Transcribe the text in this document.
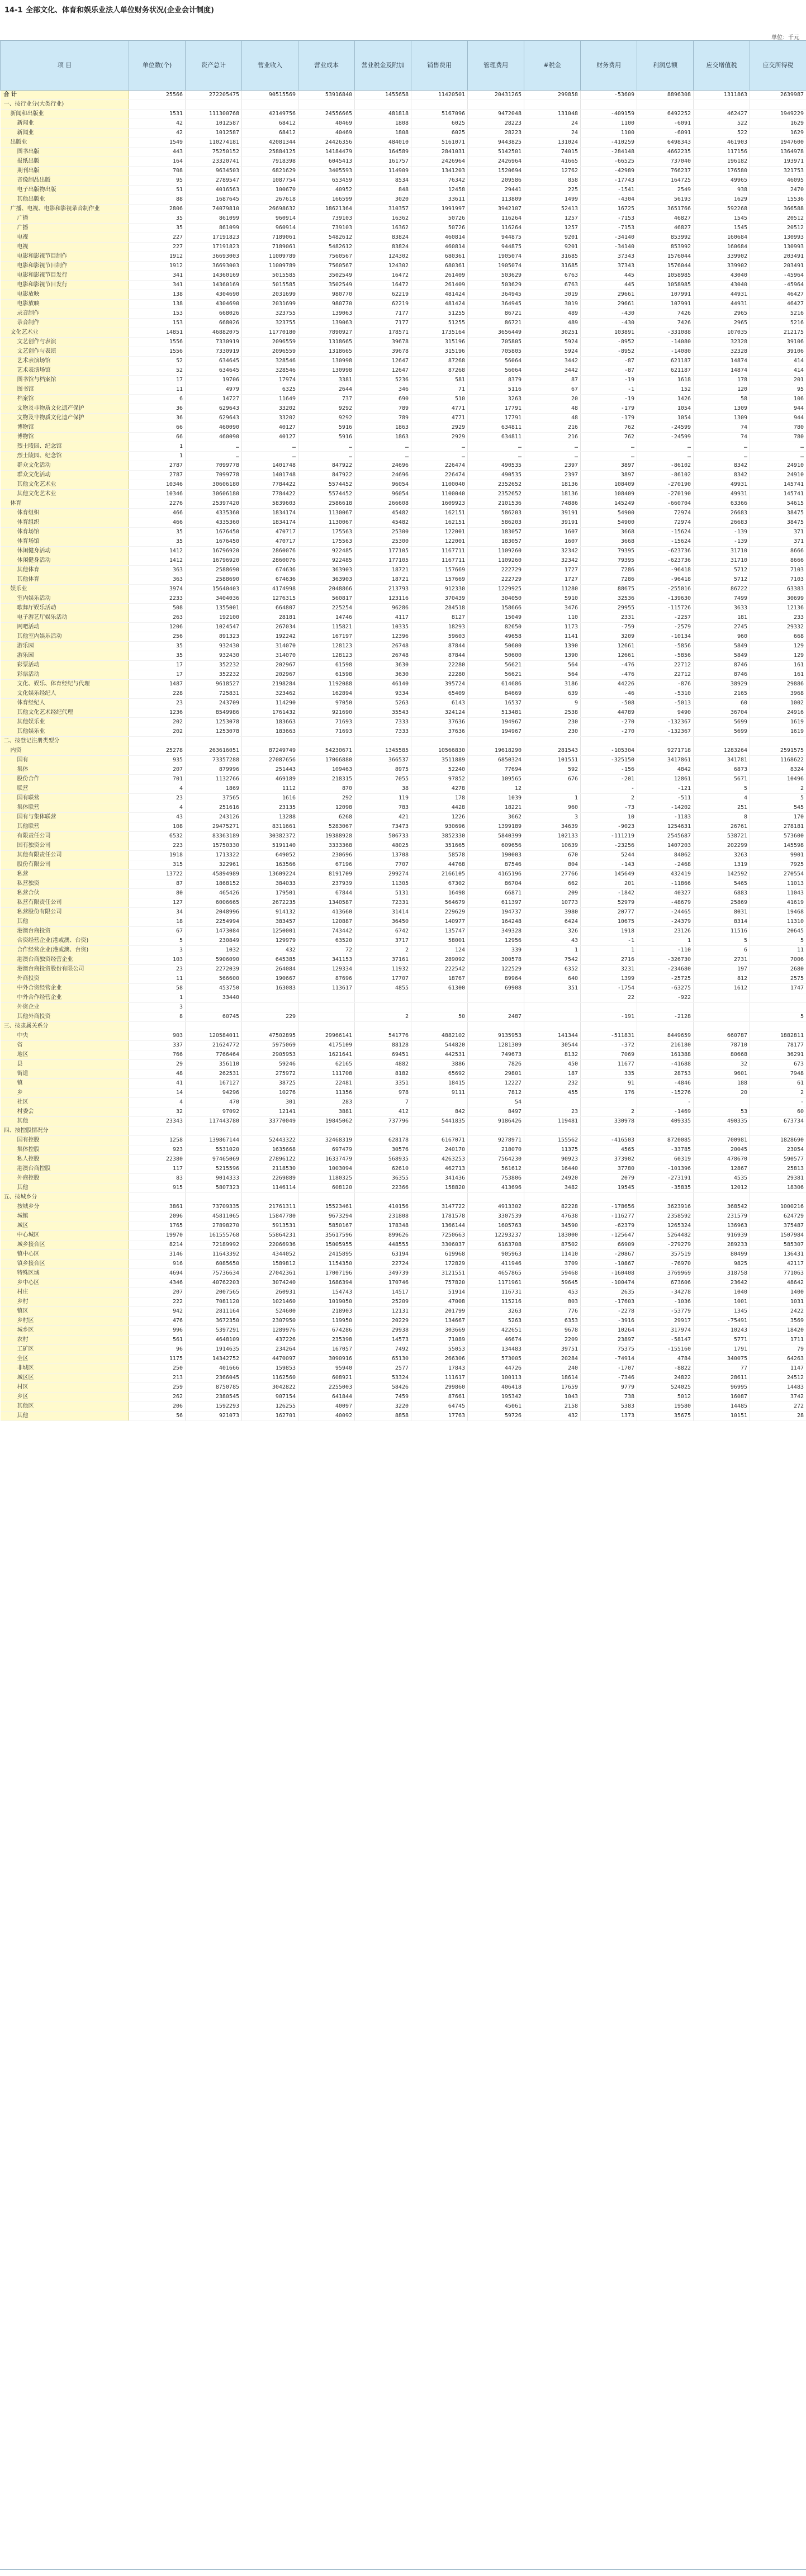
14-1 全部文化、体育和娱乐业法人单位财务状况(企业会计制度)
单位：千元
项 目	单位数(个)	资产总计	营业收入	营业成本	营业税金及附加	销售费用	管理费用	#税金	财务费用	利润总额	应交增值税	应交所得税
合 计	25566	272205475	90515569	53916840	1455658	11420501	20431265	299858	-53609	8896308	1311863	2639987
一、按行业分(大类行业)												
新闻和出版业	1531	111300768	42149756	24556665	481818	5167096	9472048	131048	-409159	6492252	462427	1949229
新闻业	42	1012587	68412	40469	1808	6025	28223	24	1100	-6091	522	1629
新闻业	42	1012587	68412	40469	1808	6025	28223	24	1100	-6091	522	1629
出版业	1549	110274181	42081344	24426356	484010	5161071	9443825	131024	-410259	6498343	461903	1947600
图书出版	443	75250152	25884125	14184479	164589	2841031	5142501	74015	-284148	4662235	117156	1364978
报纸出版	164	23320741	7918398	6045413	161757	2426964	2426964	41665	-66525	737040	196182	193971
期刊出版	708	9634503	6821629	3405593	114909	1341203	1520694	12762	-42989	766237	176580	321753
音像制品出版	95	2789547	1087754	653459	8534	76342	209586	858	-17743	164725	49965	46095
电子出版物出版	51	4016563	100670	40952	848	12458	29441	225	-1541	2549	938	2470
其他出版业	88	1687645	267618	166599	3020	33611	113809	1499	-4304	56193	1629	15536
广播、电视、电影和影视录音制作业	2806	74079810	26698632	18621364	310357	1991997	3942107	52413	16725	3651766	592268	366588
广播	35	861099	960914	739103	16362	50726	116264	1257	-7153	46827	1545	20512
广播	35	861099	960914	739103	16362	50726	116264	1257	-7153	46827	1545	20512
电视	227	17191823	7189061	5482612	83824	460814	944875	9201	-34140	853992	160684	130993
电视	227	17191823	7189061	5482612	83824	460814	944875	9201	-34140	853992	160684	130993
电影和影视节目制作	1912	36693003	11009789	7560567	124302	680361	1905074	31685	37343	1576044	339902	203491
电影和影视节目制作	1912	36693003	11009789	7560567	124302	680361	1905074	31685	37343	1576044	339902	203491
电影和影视节目发行	341	14360169	5015585	3502549	16472	261409	503629	6763	445	1058985	43040	-45964
电影和影视节目发行	341	14360169	5015585	3502549	16472	261409	503629	6763	445	1058985	43040	-45964
电影放映	138	4304690	2031699	980770	62219	481424	364945	3019	29661	107991	44931	46427
电影放映	138	4304690	2031699	980770	62219	481424	364945	3019	29661	107991	44931	46427
录音制作	153	668026	323755	139063	7177	51255	86721	489	-430	7426	2965	5216
录音制作	153	668026	323755	139063	7177	51255	86721	489	-430	7426	2965	5216
文化艺术业	14851	46882075	11770180	7890927	178571	1735164	3656449	30251	103891	-331088	107035	212175
文艺创作与表演	1556	7330919	2096559	1318665	39678	315196	705805	5924	-8952	-14080	32328	39106
文艺创作与表演	1556	7330919	2096559	1318665	39678	315196	705805	5924	-8952	-14080	32328	39106
艺术表演场馆	52	634645	328546	130998	12647	87268	56064	3442	-87	621187	14874	414
艺术表演场馆	52	634645	328546	130998	12647	87268	56064	3442	-87	621187	14874	414
图书馆与档案馆	17	19706	17974	3381	5236	581	8379	87	-19	1618	178	201
图书馆	11	4979	6325	2644	346	71	5116	67	-1	152	120	95
档案馆	6	14727	11649	737	690	510	3263	20	-19	1426	58	106
文物及非物质文化遗产保护	36	629643	33202	9292	789	4771	17791	48	-179	1054	1309	944
文物及非物质文化遗产保护	36	629643	33202	9292	789	4771	17791	48	-179	1054	1309	944
博物馆	66	460090	40127	5916	1863	2929	634811	216	762	-24599	74	780
博物馆	66	460090	40127	5916	1863	2929	634811	216	762	-24599	74	780
烈士陵园、纪念馆	1	…	…	…	…	…	…	…	…	…	…	…
烈士陵园、纪念馆	1	…	…	…	…	…	…	…	…	…	…	…
群众文化活动	2787	7099778	1401748	847922	24696	226474	490535	2397	3897	-86102	8342	24910
群众文化活动	2787	7099778	1401748	847922	24696	226474	490535	2397	3897	-86102	8342	24910
其他文化艺术业	10346	30606180	7784422	5574452	96054	1100040	2352652	18136	108409	-270190	49931	145741
其他文化艺术业	10346	30606180	7784422	5574452	96054	1100040	2352652	18136	108409	-270190	49931	145741
体育	2276	25397420	5839603	2586618	266608	1609923	2101536	74886	145249	-660704	63366	54615
体育组织	466	4335360	1834174	1130067	45482	162151	586203	39191	54900	72974	26683	38475
体育组织	466	4335360	1834174	1130067	45482	162151	586203	39191	54900	72974	26683	38475
体育场馆	35	1676450	470717	175563	25300	122001	183057	1607	3668	-15624	-139	371
体育场馆	35	1676450	470717	175563	25300	122001	183057	1607	3668	-15624	-139	371
休闲健身活动	1412	16796920	2860076	922485	177105	1167711	1109260	32342	79395	-623736	31710	8666
休闲健身活动	1412	16796920	2860076	922485	177105	1167711	1109260	32342	79395	-623736	31710	8666
其他体育	363	2588690	674636	363903	18721	157669	222729	1727	7286	-96418	5712	7103
其他体育	363	2588690	674636	363903	18721	157669	222729	1727	7286	-96418	5712	7103
娱乐业	3974	15640403	4174998	2048866	213793	912330	1229925	11280	88675	-255016	86722	63383
室内娱乐活动	2233	3404036	1276315	560817	123116	370439	304050	5910	32536	-139630	7499	30699
歌舞厅娱乐活动	508	1355001	664807	225254	96286	284518	158666	3476	29955	-115726	3633	12136
电子游艺厅娱乐活动	263	192100	28181	14746	4117	8127	15049	110	2331	-2257	181	233
网吧活动	1206	1024547	267034	115821	10335	18293	82650	1173	-759	-2579	2745	29332
其他室内娱乐活动	256	891323	192242	167197	12396	59603	49658	1141	3209	-10134	960	668
游乐园	35	932430	314070	128123	26748	87844	50600	1390	12661	-5856	5849	129
游乐园	35	932430	314070	128123	26748	87844	50600	1390	12661	-5856	5849	129
彩票活动	17	352232	202967	61598	3630	22280	56621	564	-476	22712	8746	161
彩票活动	17	352232	202967	61598	3630	22280	56621	564	-476	22712	8746	161
文化、娱乐、体育经纪与代理	1487	9618527	2198284	1192088	46140	395724	614686	3186	44226	-876	38929	29886
文化娱乐经纪人	228	725831	323462	162894	9334	65409	84669	639	-46	-5310	2165	3968
体育经纪人	23	243709	114290	97050	5263	6143	16537	9	-508	-5013	60	1002
其他文化艺术经纪代理	1236	8549986	1761432	921690	35543	324124	513481	2538	44789	9490	36704	24916
其他娱乐业	202	1253078	183663	71693	7333	37636	194967	230	-270	-132367	5699	1619
其他娱乐业	202	1253078	183663	71693	7333	37636	194967	230	-270	-132367	5699	1619
二、按登记注册类型分												
内资	25278	263616051	87249749	54230671	1345585	10566830	19618290	281543	-105304	9271718	1283264	2591575
国有	935	73357288	27087656	17066880	366537	3511889	6850324	101551	-325150	3417861	341781	1168622
集体	207	879996	251443	109463	8975	52240	77694	592	-156	4842	6873	8324
股份合作	701	1132766	469189	218315	7055	97852	109565	676	-201	12861	5671	10496
联营	4	1869	1112	870	38	4278	12		-	-121	5	2
国有联营	23	37565	1616	292	119	178	1039	1	2	-511	4	5
集体联营	4	251616	23135	12098	783	4428	18221	960	-73	-14202	251	545
国有与集体联营	43	243126	13288	6268	421	1226	3662	3	10	-1183	8	170
其他联营	108	29475271	8311661	5283067	73473	930696	1399189	34639	-9023	1254631	26761	278181
有限责任公司	6532	83363189	30382372	19388928	506733	3852330	5840399	102133	-111219	2545687	538721	573600
国有独资公司	223	15750330	5191140	3333368	48025	351665	609656	10639	-23256	1407203	202299	145598
其他有限责任公司	1918	1713322	649052	230696	13708	58578	190003	670	5244	84062	3263	9901
股份有限公司	315	322961	163566	67196	7707	44768	87546	804	-143	-2468	1319	7925
私营	13722	45894989	13609224	8191709	299274	2166105	4165196	27766	145649	432419	142592	270554
私营独资	87	1868152	384033	237939	11305	67302	86704	662	201	-11866	5465	11013
私营合伙	80	465426	179501	67844	5131	16498	66871	209	-1842	40327	6883	11043
私营有限责任公司	127	6006665	2672235	1340587	72331	564679	611397	10773	52979	-48679	25869	41619
私营股份有限公司	34	2048996	914132	413660	31414	229629	194737	3980	20777	-24465	8031	19468
其他	18	2254994	383457	120887	36450	140977	164248	6424	10675	-24379	8314	11310
港澳台商投资	67	1473084	1250001	743442	6742	135747	349328	326	1918	23126	11516	20645
合资经营企业(港或澳、台资)	5	230849	129979	63520	3717	58001	12956	43	-1	1	5	5
合作经营企业(港或澳、台资)	3	1032	432	72	2	124	339	1	1	-110	6	11
港澳台商独资经营企业	103	5906090	645385	341153	37161	289092	300578	7542	2716	-326730	2731	7006
港澳台商投资股份有限公司	23	2272039	264084	129334	11932	222542	122529	6352	3231	-234680	197	2680
外商投资	11	566600	190667	87696	17707	18767	89964	640	1399	-25725	812	2575
中外合资经营企业	58	453750	163083	113617	4855	61300	69908	351	-1754	-63275	1612	1747
中外合作经营企业	1	33440							22	-922		
外资企业	3											
其他外商投资	8	60745	229		2	50	2487		-191	-2128		5
三、按隶属关系分												
中央	903	120584011	47502895	29966141	541776	4882102	9135953	141344	-511831	8449659	660787	1882811
省	337	21624772	5975069	4175109	88128	544820	1281309	30544	-372	216180	78710	78177
地区	766	7766464	2905953	1621641	69451	442531	749673	8132	7069	161388	80668	36291
县	29	356110	59246	62165	4882	3886	7826	450	11677	-41688	32	673
街道	48	262531	275972	111708	8182	65692	29801	187	335	28753	9601	7948
镇	41	167127	38725	22481	3351	18415	12227	232	91	-4846	188	61
乡	14	94296	10276	11356	978	9111	7812	455	176	-15276	20	2
社区	4	470	301	283	7		54			-		-
村委会	32	97092	12141	3881	412	842	8497	23	2	-1469	53	60
其他	23343	117443780	33770049	19845062	737796	5441835	9186426	119481	330978	409335	490335	673734
四、按控股情况分												
国有控股	1258	139867144	52443322	32468319	628178	6167071	9278971	155562	-416503	8720085	700981	1828690
集体控股	923	5531020	1635668	697479	30576	240170	218070	11375	4565	-33785	20045	23054
私人控股	22380	97465069	27896122	16337479	568935	4263253	7564230	90923	373902	60319	478670	590577
港澳台商控股	117	5215596	2118530	1003094	62610	462713	561612	16440	37780	-101396	12867	25813
外商控股	83	9014333	2269889	1180325	36355	341436	753806	24920	2079	-273191	4535	29381
其他	915	5807323	1146114	608120	22366	158820	413696	3482	19545	-35835	12012	18306
五、按城乡分												
按城乡分	3861	73709335	21761311	15523461	410156	3147722	4913302	82228	-178656	3623916	368542	1000216
城镇	2096	45811065	15847780	9673294	231808	1781578	3307539	47638	-116277	2358592	231579	624729
城区	1765	27898270	5913531	5850167	178348	1366144	1605763	34590	-62379	1265324	136963	375487
中心城区	19970	161555768	55864231	35617596	899626	7250663	12293237	183000	-125647	5264482	916939	1507984
城乡接合区	8214	72189992	22066936	15005955	448555	3306037	6163708	87502	66909	-279279	289233	585307
镇中心区	3146	11643392	4344052	2415895	63194	619968	905963	11410	-20867	357519	80499	136431
镇乡接合区	916	6085650	1589812	1154350	22724	172829	411946	3709	-10867	-76970	9825	42117
特殊区域	4694	75736634	27042361	17007196	349739	3121551	4657865	59468	-160408	3769969	318758	771063
乡中心区	4346	40762203	3074240	1686394	170746	757820	1171961	59645	-100474	673606	23642	48642
村庄	207	2007565	260931	154743	14517	51914	116731	453	2635	-34278	1040	1400
乡村	222	7081120	1021460	1019050	25209	47008	115216	803	-17603	-1036	1001	1031
镇区	942	2811164	524600	218903	12131	201799	3263	776	-2278	-53779	1345	2422
乡村区	476	3672350	2307950	119950	20229	134667	5263	6353	-3916	29917	-75491	3569
城乡区	996	5397291	1289976	674286	29938	303669	422651	9678	10264	317974	10243	18420
农村	561	4648109	437226	235398	14573	71089	46674	2209	23897	-58147	5771	1711
工矿区	96	1914635	234264	167057	7492	55053	134483	39751	75375	-155160	1791	79
全区	1175	14342752	4470097	3090916	65130	266306	573005	20284	-74914	4784	340075	64263
非城区	250	401666	159853	95940	2577	17843	44726	240	-1707	-8822	77	1147
城区区	213	2366045	1162560	608921	53324	111617	100113	18614	-7346	24822	28611	24512
村区	259	8750785	3042822	2255003	58426	299860	406418	17659	9779	524025	96995	14483
乡区	262	2380545	907154	641844	7459	87661	195342	1043	738	5012	16087	3742
其他区	206	1592293	126255	40097	3220	64745	45061	2158	5383	19580	14485	272
其他	56	921073	162701	40092	8858	17763	59726	432	1373	35675	10151	28
